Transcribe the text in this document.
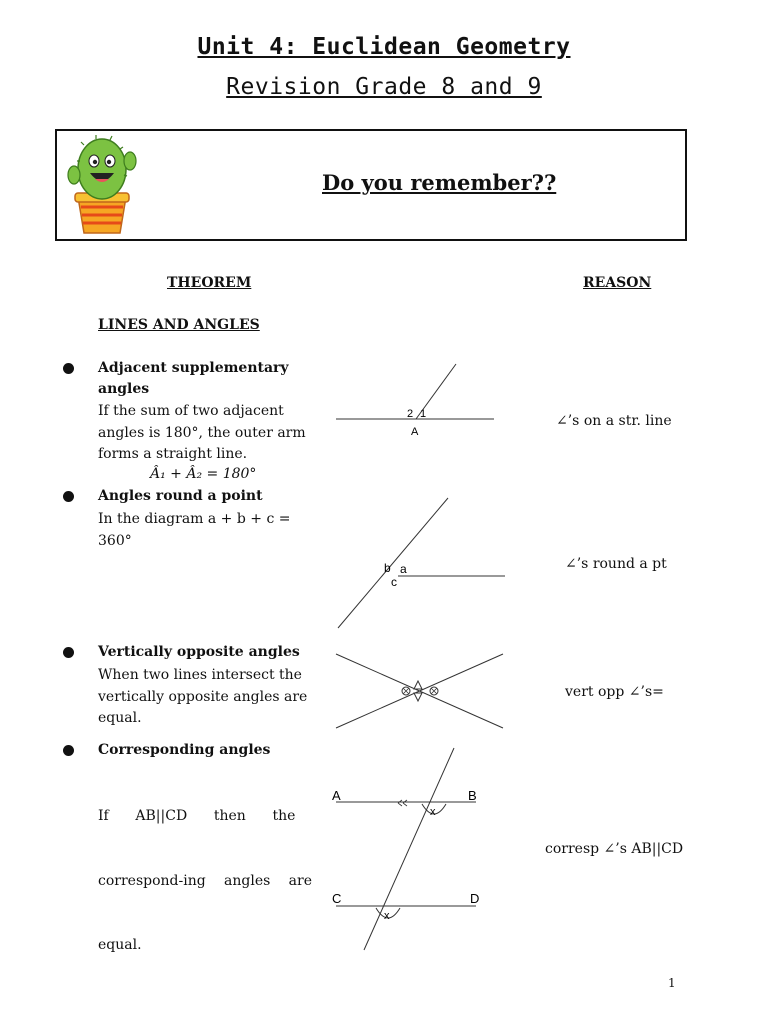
Unit 4: Euclidean Geometry
Revision Grade 8 and 9
Do you remember??
THEOREM	REASON
LINES AND ANGLES
Adjacent supplementary
angles
If the sum of two adjacent
angles is 180°, the outer arm
forms a straight line.
Â₁ + Â₂ = 180°
∠’s on a str. line
2 1
A
Angles round a point
In the diagram a + b + c =
360°
∠’s round a pt
b a
c
Vertically opposite angles
When two lines intersect the
vertically opposite angles are
equal.
vert opp ∠’s=
Corresponding angles

If      AB||CD      then      the

correspond-ing angles are

equal.

corresp ∠’s AB||CD
A	B
C	D
x
x
1
